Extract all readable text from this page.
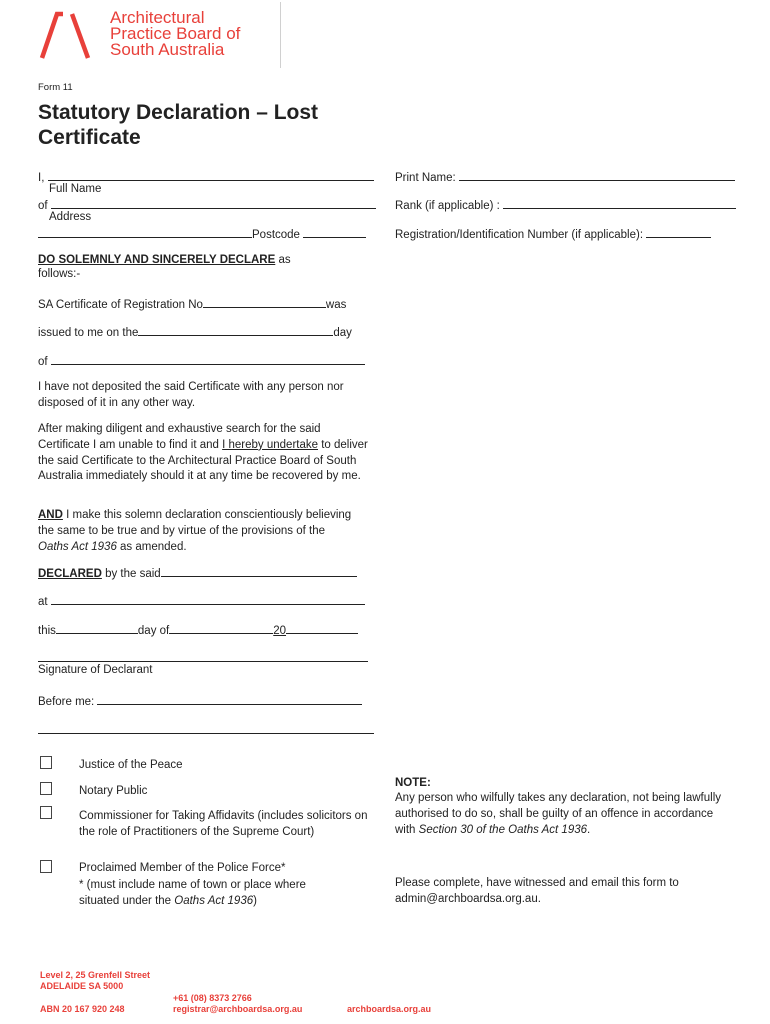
Architectural
Practice Board of
South Australia
Form 11
Statutory Declaration – Lost
Certificate
I,
Full Name
of
Address
Postcode
Print Name:
Rank (if applicable) :
Registration/Identification Number (if applicable):
DO SOLEMNLY AND SINCERELY DECLARE as
follows:-
SA Certificate of Registration No	was
issued to me on the	day
of
I have not deposited the said Certificate with any person nor disposed of it in any other way.
After making diligent and exhaustive search for the said Certificate I am unable to find it and I hereby undertake to deliver the said Certificate to the Architectural Practice Board of South Australia immediately should it at any time be recovered by me.
AND I make this solemn declaration conscientiously believing the same to be true and by virtue of the provisions of the Oaths Act 1936 as amended.
DECLARED by the said
at
this	day of	20
Signature of Declarant
Before me:
Justice of the Peace
Notary Public
Commissioner for Taking Affidavits (includes solicitors on the role of Practitioners of the Supreme Court)
Proclaimed Member of the Police Force*
* (must include name of town or place where situated under the Oaths Act 1936)
NOTE:
Any person who wilfully takes any declaration, not being lawfully authorised to do so, shall be guilty of an offence in accordance with Section 30 of the Oaths Act 1936.
Please complete, have witnessed and email this form to admin@archboardsa.org.au.
Level 2, 25 Grenfell Street
ADELAIDE SA 5000
ABN 20 167 920 248
+61 (08) 8373 2766
registrar@archboardsa.org.au	archboardsa.org.au
